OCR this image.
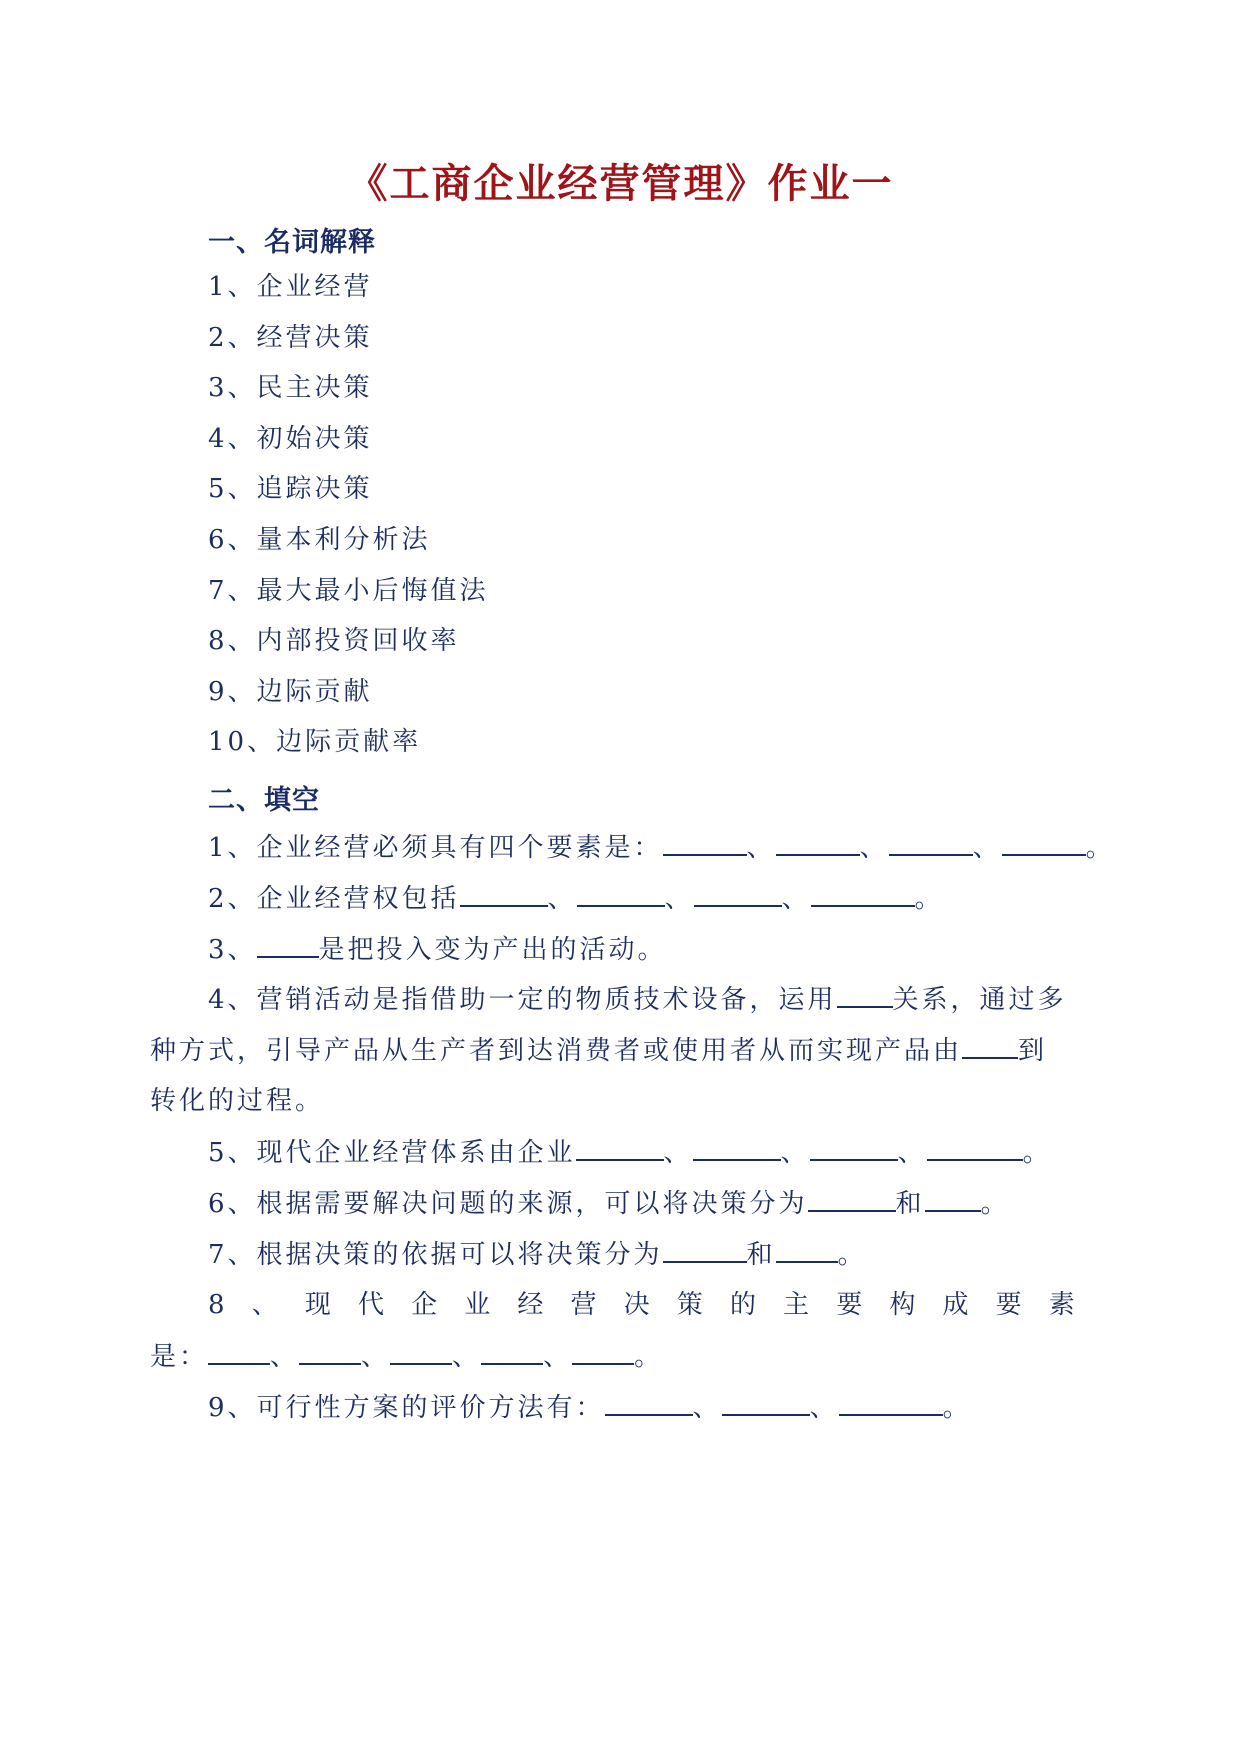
《工商企业经营管理》作业一
一、名词解释
1、企业经营
2、经营决策
3、民主决策
4、初始决策
5、追踪决策
6、量本利分析法
7、最大最小后悔值法
8、内部投资回收率
9、边际贡献
10、边际贡献率
二、填空
1、企业经营必须具有四个要素是：	、	、	、	。
2、企业经营权包括	、	、	、	。
3、 是把投入变为产出的活动。
4、营销活动是指借助一定的物质技术设备，运用 关系，通过多
种方式，引导产品从生产者到达消费者或使用者从而实现产品由 到
转化的过程。
5、现代企业经营体系由企业	、	、	、	。
6、根据需要解决问题的来源，可以将决策分为	和 。
7、根据决策的依据可以将决策分为	和 。
8 、 现 代 企 业 经 营 决 策 的 主 要 构 成 要 素
是： 、 、 、 、 。
9、可行性方案的评价方法有：	、	、	。
